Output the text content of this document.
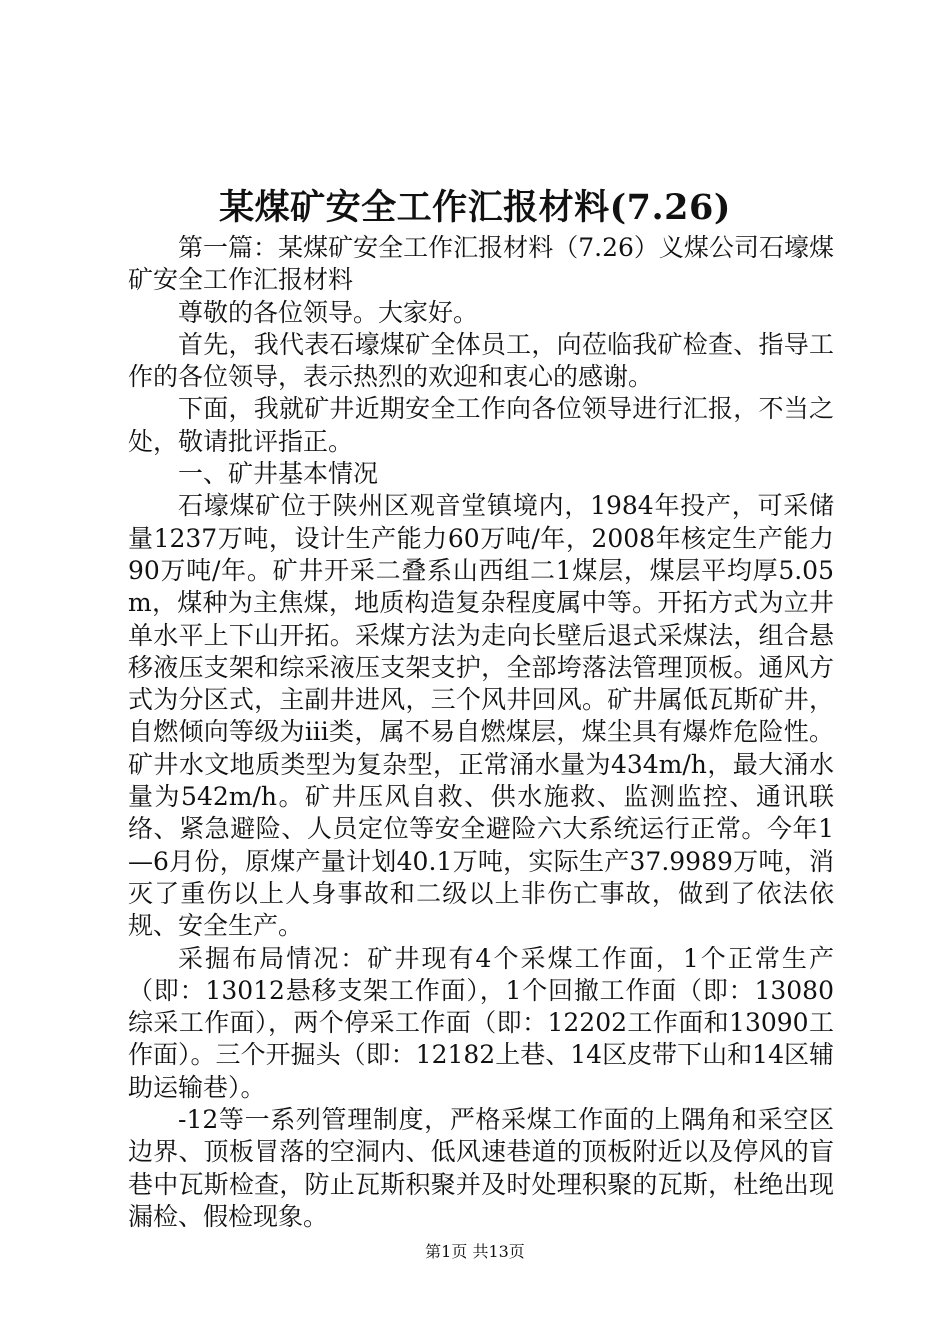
某煤矿安全工作汇报材料(7.26)

第一篇：某煤矿安全工作汇报材料（7.26）义煤公司石壕煤矿安全工作汇报材料

尊敬的各位领导。大家好。

首先，我代表石壕煤矿全体员工，向莅临我矿检查、指导工作的各位领导，表示热烈的欢迎和衷心的感谢。

下面，我就矿井近期安全工作向各位领导进行汇报，不当之处，敬请批评指正。

一、矿井基本情况

石壕煤矿位于陕州区观音堂镇境内，1984年投产，可采储量1237万吨，设计生产能力60万吨/年，2008年核定生产能力90万吨/年。矿井开采二叠系山西组二1煤层，煤层平均厚5.05m，煤种为主焦煤，地质构造复杂程度属中等。开拓方式为立井单水平上下山开拓。采煤方法为走向长壁后退式采煤法，组合悬移液压支架和综采液压支架支护，全部垮落法管理顶板。通风方式为分区式，主副井进风，三个风井回风。矿井属低瓦斯矿井，自燃倾向等级为iii类，属不易自燃煤层，煤尘具有爆炸危险性。矿井水文地质类型为复杂型，正常涌水量为434m/h，最大涌水量为542m/h。矿井压风自救、供水施救、监测监控、通讯联络、紧急避险、人员定位等安全避险六大系统运行正常。今年1—6月份，原煤产量计划40.1万吨，实际生产37.9989万吨，消灭了重伤以上人身事故和二级以上非伤亡事故，做到了依法依规、安全生产。

采掘布局情况：矿井现有4个采煤工作面，1个正常生产（即：13012悬移支架工作面），1个回撤工作面（即：13080综采工作面），两个停采工作面（即：12202工作面和13090工作面）。三个开掘头（即：12182上巷、14区皮带下山和14区辅助运输巷）。

-12等一系列管理制度，严格采煤工作面的上隅角和采空区边界、顶板冒落的空洞内、低风速巷道的顶板附近以及停风的盲巷中瓦斯检查，防止瓦斯积聚并及时处理积聚的瓦斯，杜绝出现漏检、假检现象。

第1页 共13页
